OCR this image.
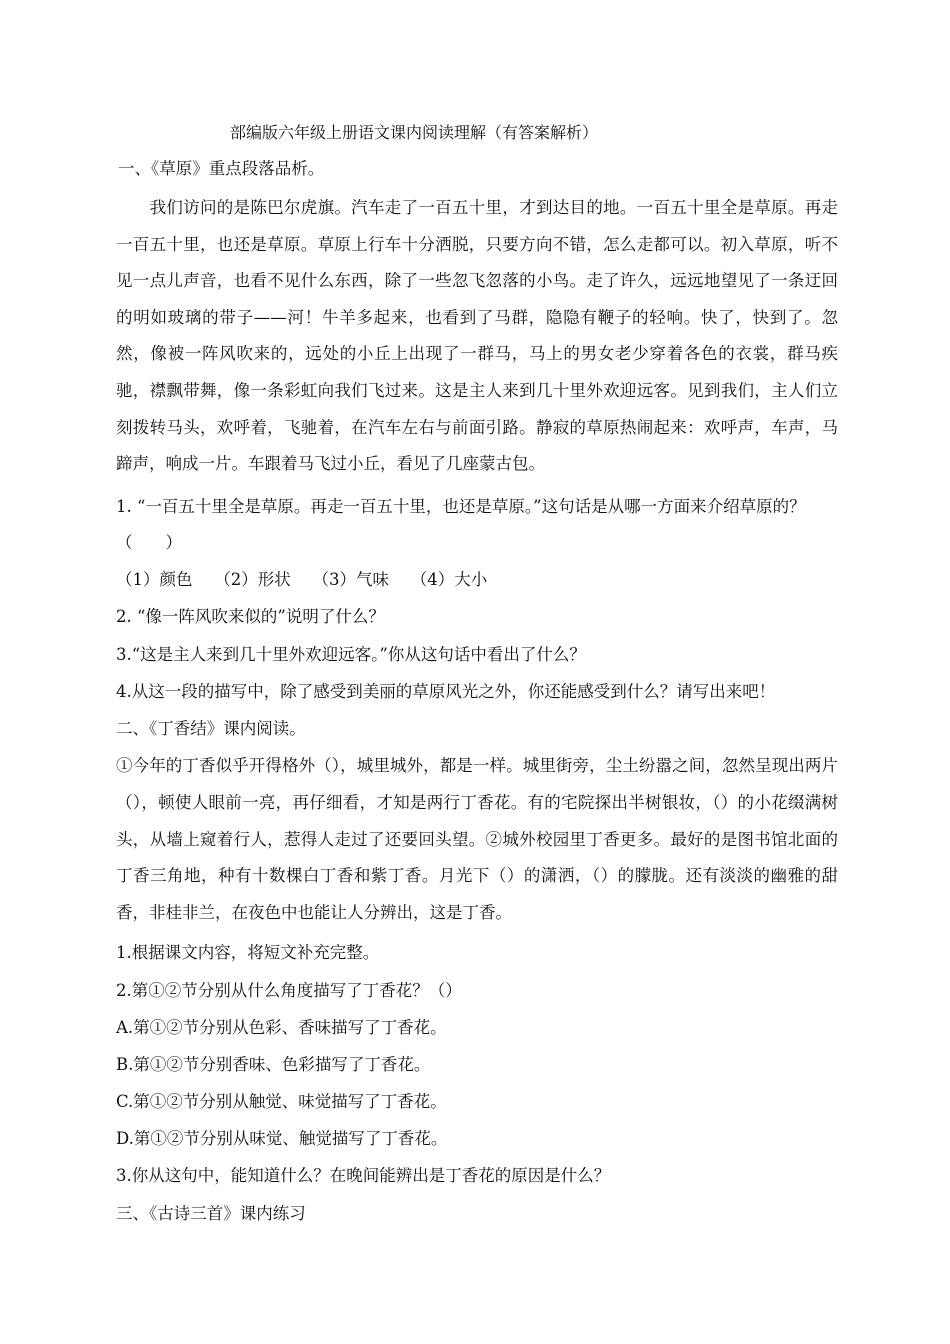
部编版六年级上册语文课内阅读理解（有答案解析）
一、《草原》重点段落品析。
　　我们访问的是陈巴尔虎旗。汽车走了一百五十里，才到达目的地。一百五十里全是草原。再走一百五十里，也还是草原。草原上行车十分洒脱，只要方向不错，怎么走都可以。初入草原，听不见一点儿声音，也看不见什么东西，除了一些忽飞忽落的小鸟。走了许久，远远地望见了一条迂回的明如玻璃的带子——河！牛羊多起来，也看到了马群，隐隐有鞭子的轻响。快了，快到了。忽然，像被一阵风吹来的，远处的小丘上出现了一群马，马上的男女老少穿着各色的衣裳，群马疾驰，襟飘带舞，像一条彩虹向我们飞过来。这是主人来到几十里外欢迎远客。见到我们，主人们立刻拨转马头，欢呼着，飞驰着，在汽车左右与前面引路。静寂的草原热闹起来：欢呼声，车声，马蹄声，响成一片。车跟着马飞过小丘，看见了几座蒙古包。
1. “一百五十里全是草原。再走一百五十里，也还是草原。”这句话是从哪一方面来介绍草原的？
（　　）
（1）颜色　 （2）形状　 （3）气味　 （4）大小
2. “像一阵风吹来似的”说明了什么？
3.“这是主人来到几十里外欢迎远客。”你从这句话中看出了什么？
4.从这一段的描写中，除了感受到美丽的草原风光之外，你还能感受到什么？请写出来吧！
二、《丁香结》课内阅读。
①今年的丁香似乎开得格外（），城里城外，都是一样。城里街旁，尘土纷嚣之间，忽然呈现出两片（），顿使人眼前一亮，再仔细看，才知是两行丁香花。有的宅院探出半树银妆，（）的小花缀满树头，从墙上窥着行人，惹得人走过了还要回头望。②城外校园里丁香更多。最好的是图书馆北面的丁香三角地，种有十数棵白丁香和紫丁香。月光下（）的潇洒，（）的朦胧。还有淡淡的幽雅的甜香，非桂非兰，在夜色中也能让人分辨出，这是丁香。
1.根据课文内容，将短文补充完整。
2.第①②节分别从什么角度描写了丁香花？（）
A.第①②节分别从色彩、香味描写了丁香花。
B.第①②节分别香味、色彩描写了丁香花。
C.第①②节分别从触觉、味觉描写了丁香花。
D.第①②节分别从味觉、触觉描写了丁香花。
3.你从这句中，能知道什么？在晚间能辨出是丁香花的原因是什么？
三、《古诗三首》课内练习
